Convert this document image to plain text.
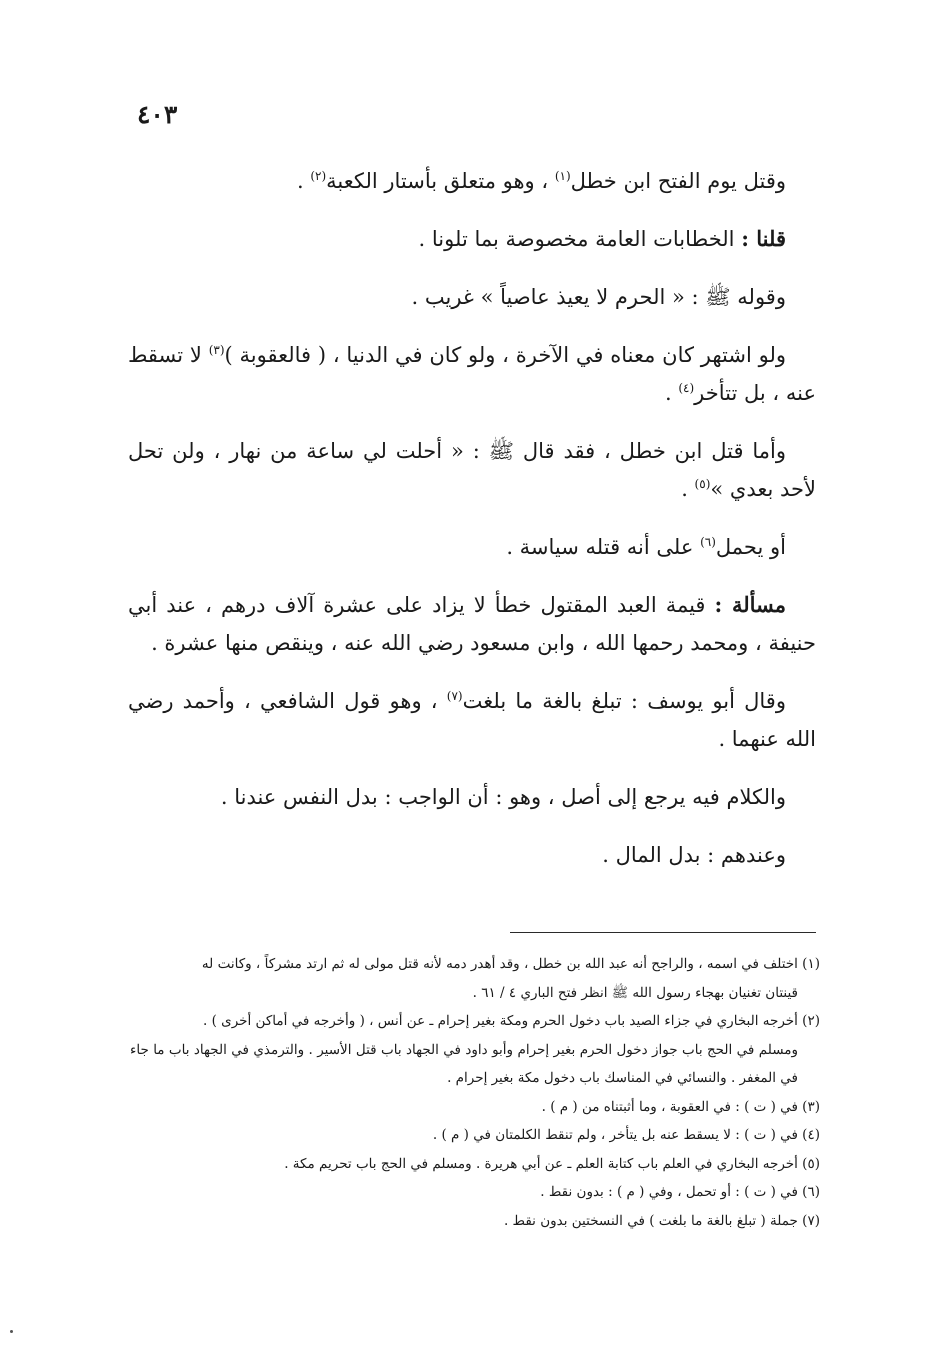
٤٠٣

وقتل يوم الفتح ابن خطل$^{(١)}$ ، وهو متعلق بأستار الكعبة$^{(٢)}$ .

قلنا : الخطابات العامة مخصوصة بما تلونا .

وقوله ﷺ : « الحرم لا يعيذ عاصياً » غريب .

ولو اشتهر كان معناه في الآخرة ، ولو كان في الدنيا ، ( فالعقوبة )$^{(٣)}$ لا تسقط عنه ، بل تتأخر$^{(٤)}$ .

وأما قتل ابن خطل ، فقد قال ﷺ : « أحلت لي ساعة من نهار ، ولن تحل لأحد بعدي »$^{(٥)}$ .

أو يحمل$^{(٦)}$ على أنه قتله سياسة .

مسألة : قيمة العبد المقتول خطأ لا يزاد على عشرة آلاف درهم ، عند أبي حنيفة ، ومحمد رحمها الله ، وابن مسعود رضي الله عنه ، وينقص منها عشرة .

وقال أبو يوسف : تبلغ بالغة ما بلغت$^{(٧)}$ ، وهو قول الشافعي ، وأحمد رضي الله عنهما .

والكلام فيه يرجع إلى أصل ، وهو : أن الواجب : بدل النفس عندنا .

وعندهم : بدل المال .

(١) اختلف في اسمه ، والراجح أنه عبد الله بن خطل ، وقد أهدر دمه لأنه قتل مولى له ثم ارتد مشركاً ، وكانت له
قينتان تغنيان بهجاء رسول الله ﷺ انظر فتح الباري ٤ / ٦١ .

(٢) أخرجه البخاري في جزاء الصيد باب دخول الحرم ومكة بغير إحرام ـ عن أنس ، ( وأخرجه في أماكن أخرى ) .
ومسلم في الحج باب جواز دخول الحرم بغير إحرام وأبو داود في الجهاد باب قتل الأسير . والترمذي في الجهاد باب ما جاء في المغفر . والنسائي في المناسك باب دخول مكة بغير إحرام .

(٣) في ( ت ) : في العقوبة ، وما أثبتناه من ( م ) .

(٤) في ( ت ) : لا يسقط عنه بل يتأخر ، ولم تنقط الكلمتان في ( م ) .

(٥) أخرجه البخاري في العلم باب كتابة العلم ـ عن أبي هريرة . ومسلم في الحج باب تحريم مكة .

(٦) في ( ت ) : أو تحمل ، وفي ( م ) : بدون نقط .

(٧) جملة ( تبلغ بالغة ما بلغت ) في النسختين بدون نقط .
